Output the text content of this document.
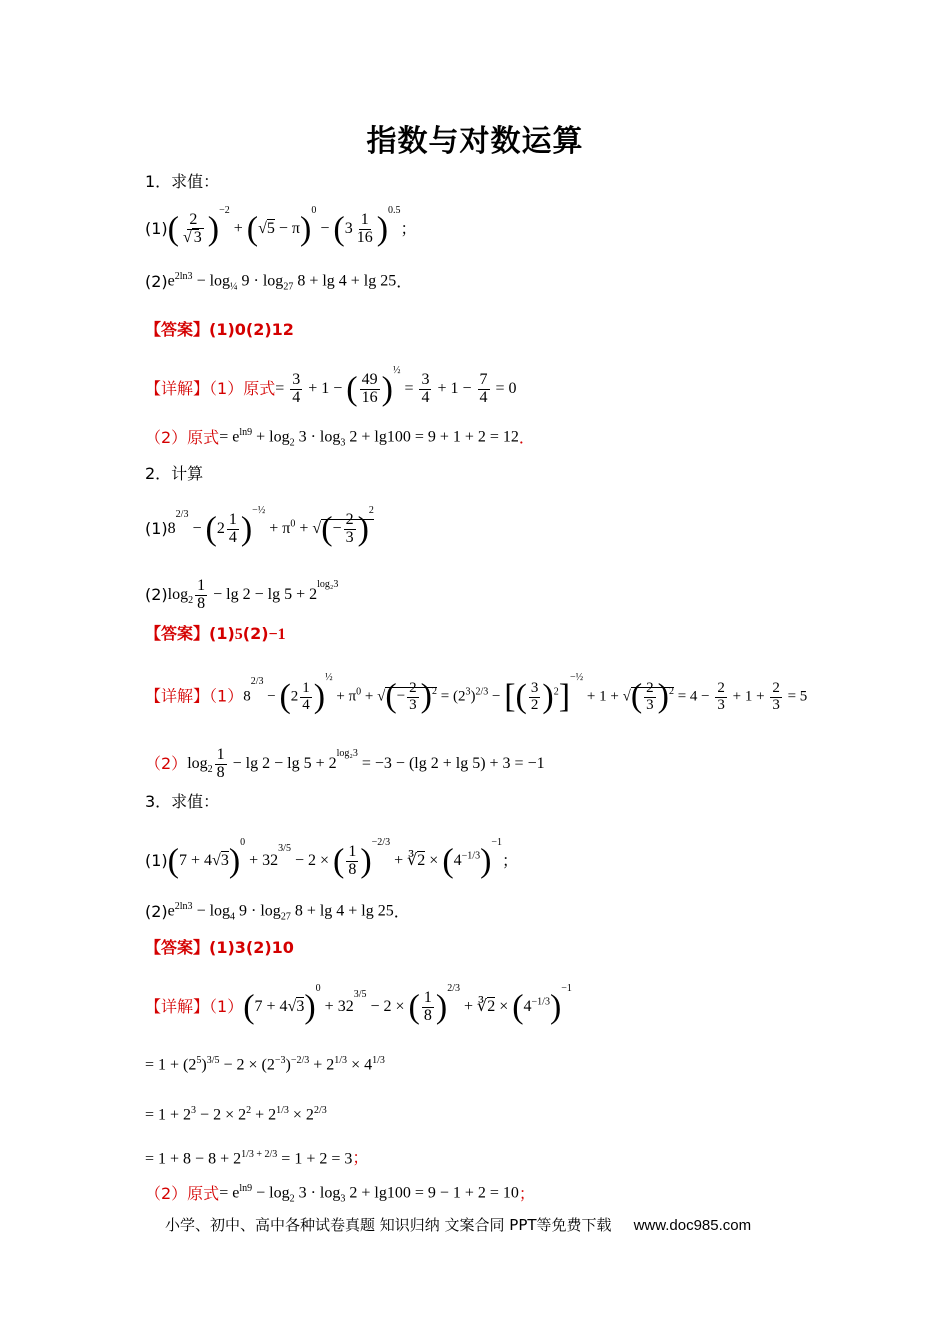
指数与对数运算
1．求值：
$(1)( \frac{2}{√ 3} )^{-2} + (√5 - \pi)^0 - (3 \frac{1}{16} )^{0.5}$；
$(2)e^{2ln3} - \log_{\frac{1}{4}} 9 \cdot \log_{27} 8 + \lg 4 + \lg 25$．
【答案】(1)0(2)12
【详解】（1）原式= $\frac{3}{4} + 1$ − ( $\frac{49}{16} )^{\frac{1}{2}} = \frac{3}{4} + 1 - \frac{7}{4} = 0$
（2）原式= $e^{ln9} + \log_2 3 \cdot \log_3 2 + \lg 100 = 9 + 1 + 2 = 12$．
2．计算
$(1)8^{2/3} - (2 \frac{1}{4} )^{-\frac{1}{2}} + \pi^0$ + √(− $\frac{2}{3} )^2$
$(2)\log_2 \frac{1}{8} - \lg 2 - \lg 5 + 2^{log_23}$
【答案】(1)5(2)−1
【详解】$(1)8^{2/3} - (2 \frac{1}{4} )^{\frac{1}{2}} + \pi^0$ + √(− $\frac{2}{3} )^2 = (2^3)^{2/3}$ − [( $\frac{3}{2} )^2]^{-\frac{1}{2}} + 1$ + √( $\frac{2}{3} )^2 = 4 - \frac{2}{3} + 1 + \frac{2}{3} = 5$
$(2)\log_2 \frac{1}{8} - \lg 2 - \lg 5 + 2^{log_23} = -3 - (\lg$ 2 + lg 5) + 3 = −1
3．求值：
$(1)(7 + 4√3)^0 + 32^{3/5} - 2$ × ( $\frac{1}{8} )^{-2/3}$ + ∛2 × $(4^{-1/3})^{-1}$；
$(2)e^{2ln3} - \log_4 9 \cdot \log_{27} 8 + \lg 4 + \lg 25$．
【答案】(1)3(2)10
【详解】$(1)(7 + 4√3)^0 + 32^{3/5} - 2$ × ( $\frac{1}{8} )^{2/3}$ + ∛2 × $(4^{-1/3})^{-1}$
= $1 + (2^5)^{3/5} - 2 \times (2^{-3})^{-2/3} + 2^{1/3} \times 4^{1/3}$
= $1 + 2^3 - 2 \times 2^2 + 2^{1/3} \times 2^{2/3}$
= $1 + 8 - 8 + 2^{1/3 + 2/3} = 1 + 2 = 3$；
（2）原式= $e^{ln9} - \log_2 3 \cdot \log_3 2 + \lg 100 = 9 - 1 + 2 = 10$；
小学、初中、高中各种试卷真题 知识归纳 文案合同 PPT等免费下载 www.doc985.com
